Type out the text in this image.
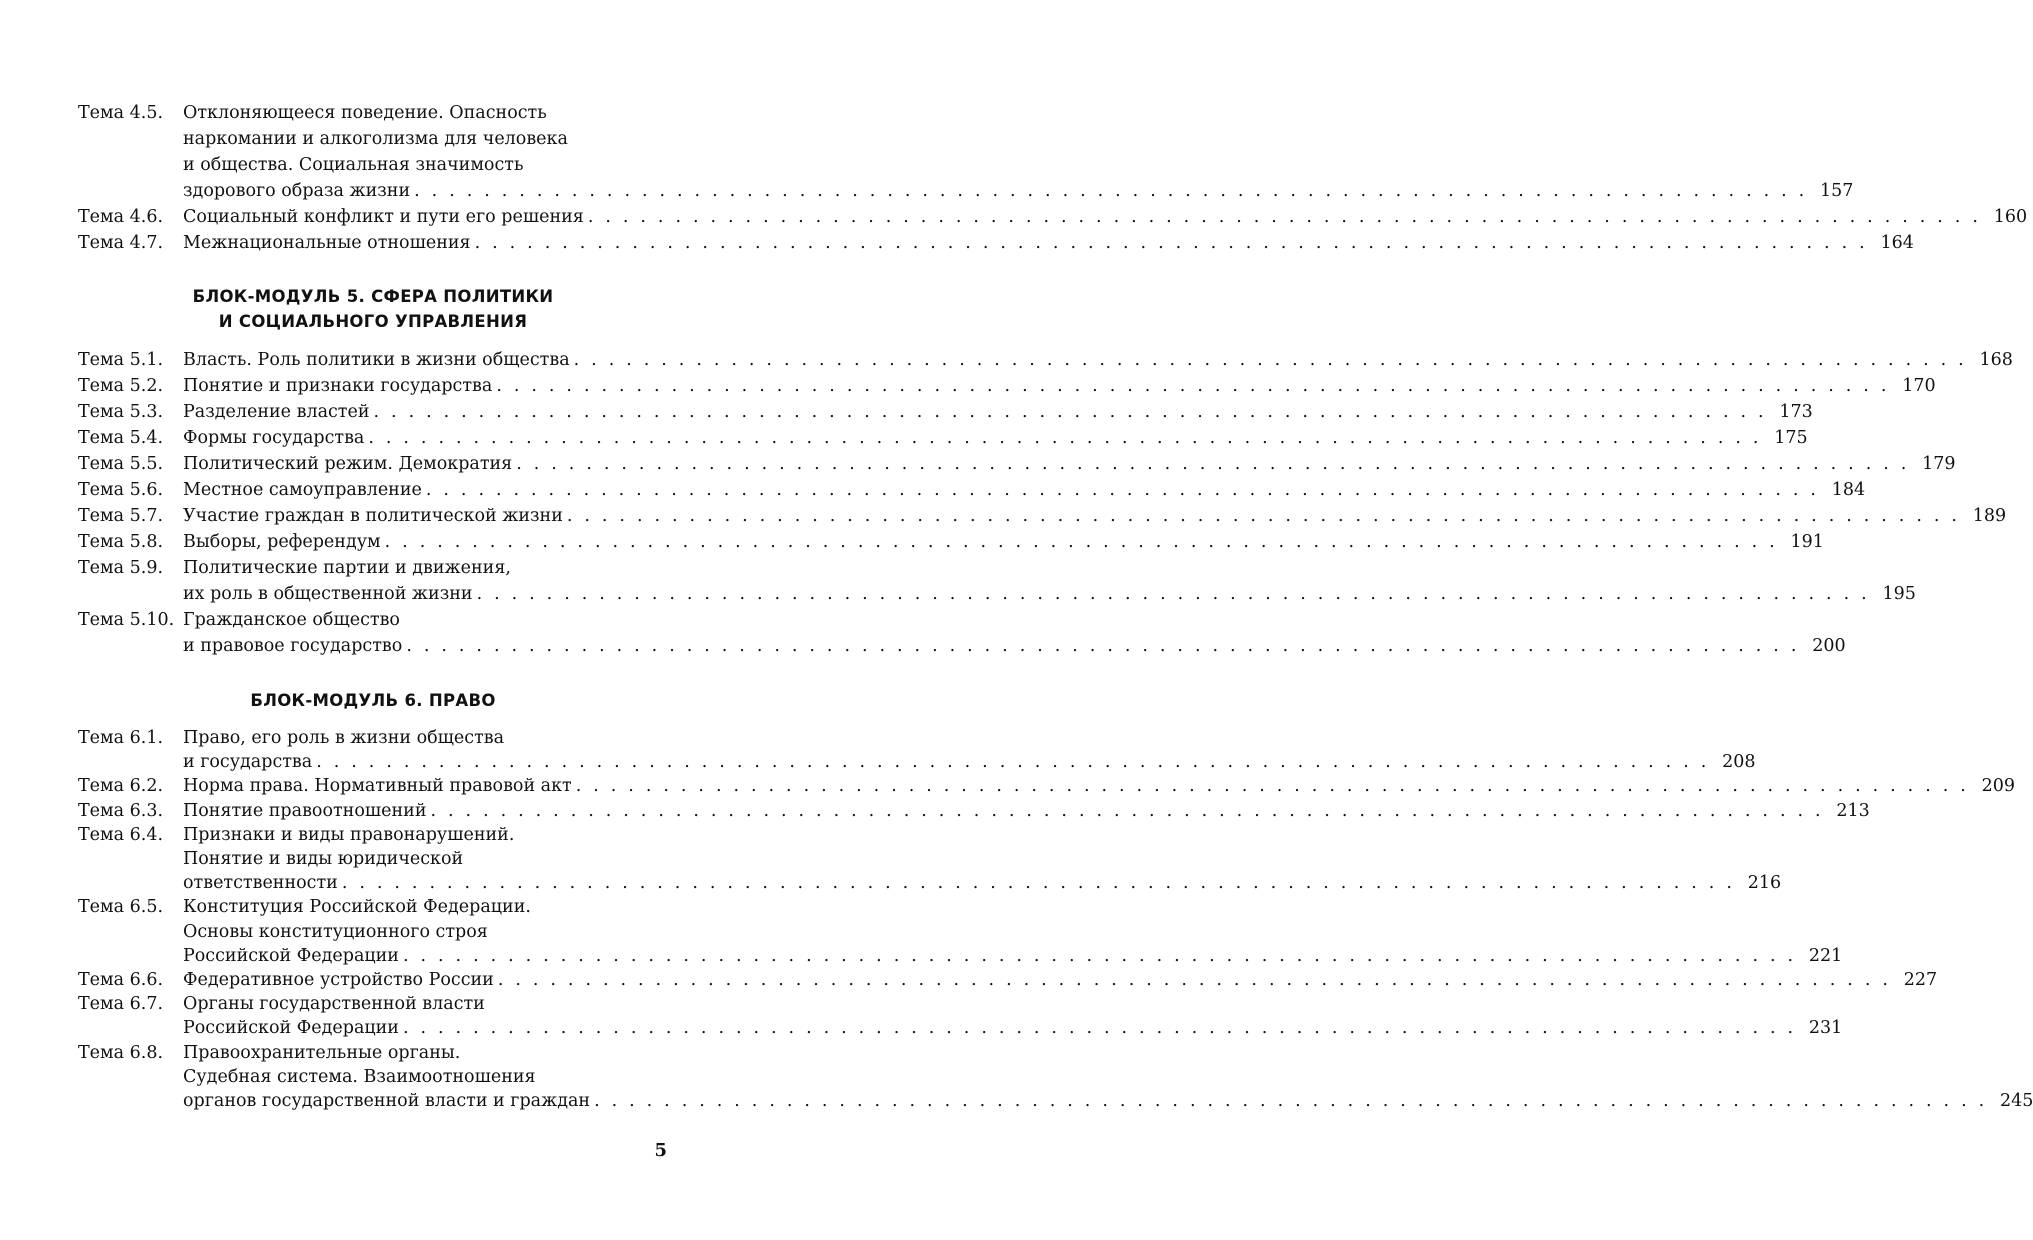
Тема 4.5. Отклоняющееся поведение. Опасность
наркомании и алкоголизма для человека
и общества. Социальная значимость
здорового образа жизни . . . . . . . . . . . . . . . . . . . . . . . . . . . . . . . . . . . . . . . . . . . . . . . . . . . . . . . . . . . . . . . . . . . . . . . . . . . . . . . . 157
Тема 4.6. Социальный конфликт и пути его решения . . . . . . . . . . . . . . . . . . . . . . . . . . . . . . . . . . . . . . . . . . . . . . . . . . . . . . . . . . . . . . . . . . . . . . . . . . . . . . . . 160
Тема 4.7. Межнациональные отношения . . . . . . . . . . . . . . . . . . . . . . . . . . . . . . . . . . . . . . . . . . . . . . . . . . . . . . . . . . . . . . . . . . . . . . . . . . . . . . . . 164
БЛОК-МОДУЛЬ 5. СФЕРА ПОЛИТИКИ
И СОЦИАЛЬНОГО УПРАВЛЕНИЯ
Тема 5.1. Власть. Роль политики в жизни общества . . . . . . . . . . . . . . . . . . . . . . . . . . . . . . . . . . . . . . . . . . . . . . . . . . . . . . . . . . . . . . . . . . . . . . . . . . . . . . . . 168
Тема 5.2. Понятие и признаки государства . . . . . . . . . . . . . . . . . . . . . . . . . . . . . . . . . . . . . . . . . . . . . . . . . . . . . . . . . . . . . . . . . . . . . . . . . . . . . . . . 170
Тема 5.3. Разделение властей . . . . . . . . . . . . . . . . . . . . . . . . . . . . . . . . . . . . . . . . . . . . . . . . . . . . . . . . . . . . . . . . . . . . . . . . . . . . . . . . 173
Тема 5.4. Формы государства . . . . . . . . . . . . . . . . . . . . . . . . . . . . . . . . . . . . . . . . . . . . . . . . . . . . . . . . . . . . . . . . . . . . . . . . . . . . . . . . 175
Тема 5.5. Политический режим. Демократия . . . . . . . . . . . . . . . . . . . . . . . . . . . . . . . . . . . . . . . . . . . . . . . . . . . . . . . . . . . . . . . . . . . . . . . . . . . . . . . . 179
Тема 5.6. Местное самоуправление . . . . . . . . . . . . . . . . . . . . . . . . . . . . . . . . . . . . . . . . . . . . . . . . . . . . . . . . . . . . . . . . . . . . . . . . . . . . . . . . 184
Тема 5.7. Участие граждан в политической жизни . . . . . . . . . . . . . . . . . . . . . . . . . . . . . . . . . . . . . . . . . . . . . . . . . . . . . . . . . . . . . . . . . . . . . . . . . . . . . . . . 189
Тема 5.8. Выборы, референдум . . . . . . . . . . . . . . . . . . . . . . . . . . . . . . . . . . . . . . . . . . . . . . . . . . . . . . . . . . . . . . . . . . . . . . . . . . . . . . . . 191
Тема 5.9. Политические партии и движения,
их роль в общественной жизни . . . . . . . . . . . . . . . . . . . . . . . . . . . . . . . . . . . . . . . . . . . . . . . . . . . . . . . . . . . . . . . . . . . . . . . . . . . . . . . . 195
Тема 5.10. Гражданское общество
и правовое государство . . . . . . . . . . . . . . . . . . . . . . . . . . . . . . . . . . . . . . . . . . . . . . . . . . . . . . . . . . . . . . . . . . . . . . . . . . . . . . . . 200
БЛОК-МОДУЛЬ 6. ПРАВО
Тема 6.1. Право, его роль в жизни общества
и государства . . . . . . . . . . . . . . . . . . . . . . . . . . . . . . . . . . . . . . . . . . . . . . . . . . . . . . . . . . . . . . . . . . . . . . . . . . . . . . . . 208
Тема 6.2. Норма права. Нормативный правовой акт . . . . . . . . . . . . . . . . . . . . . . . . . . . . . . . . . . . . . . . . . . . . . . . . . . . . . . . . . . . . . . . . . . . . . . . . . . . . . . . . 209
Тема 6.3. Понятие правоотношений . . . . . . . . . . . . . . . . . . . . . . . . . . . . . . . . . . . . . . . . . . . . . . . . . . . . . . . . . . . . . . . . . . . . . . . . . . . . . . . . 213
Тема 6.4. Признаки и виды правонарушений.
Понятие и виды юридической
ответственности . . . . . . . . . . . . . . . . . . . . . . . . . . . . . . . . . . . . . . . . . . . . . . . . . . . . . . . . . . . . . . . . . . . . . . . . . . . . . . . . 216
Тема 6.5. Конституция Российской Федерации.
Основы конституционного строя
Российской Федерации . . . . . . . . . . . . . . . . . . . . . . . . . . . . . . . . . . . . . . . . . . . . . . . . . . . . . . . . . . . . . . . . . . . . . . . . . . . . . . . . 221
Тема 6.6. Федеративное устройство России . . . . . . . . . . . . . . . . . . . . . . . . . . . . . . . . . . . . . . . . . . . . . . . . . . . . . . . . . . . . . . . . . . . . . . . . . . . . . . . . 227
Тема 6.7. Органы государственной власти
Российской Федерации . . . . . . . . . . . . . . . . . . . . . . . . . . . . . . . . . . . . . . . . . . . . . . . . . . . . . . . . . . . . . . . . . . . . . . . . . . . . . . . . 231
Тема 6.8. Правоохранительные органы.
Судебная система. Взаимоотношения
органов государственной власти и граждан . . . . . . . . . . . . . . . . . . . . . . . . . . . . . . . . . . . . . . . . . . . . . . . . . . . . . . . . . . . . . . . . . . . . . . . . . . . . . . . . 245
5
